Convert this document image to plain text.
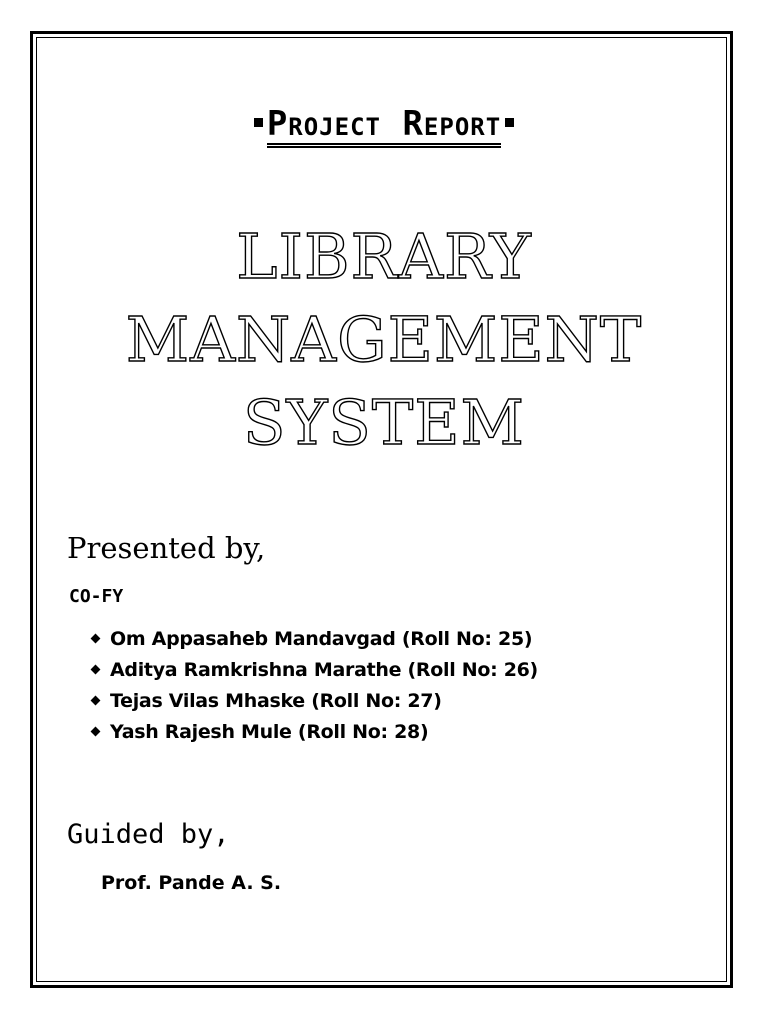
Project Report
LIBRARY
MANAGEMENT
SYSTEM
Presented by,
CO-FY
Om Appasaheb Mandavgad (Roll No: 25)
Aditya Ramkrishna Marathe (Roll No: 26)
Tejas Vilas Mhaske (Roll No: 27)
Yash Rajesh Mule (Roll No: 28)
Guided by,
Prof. Pande A. S.
